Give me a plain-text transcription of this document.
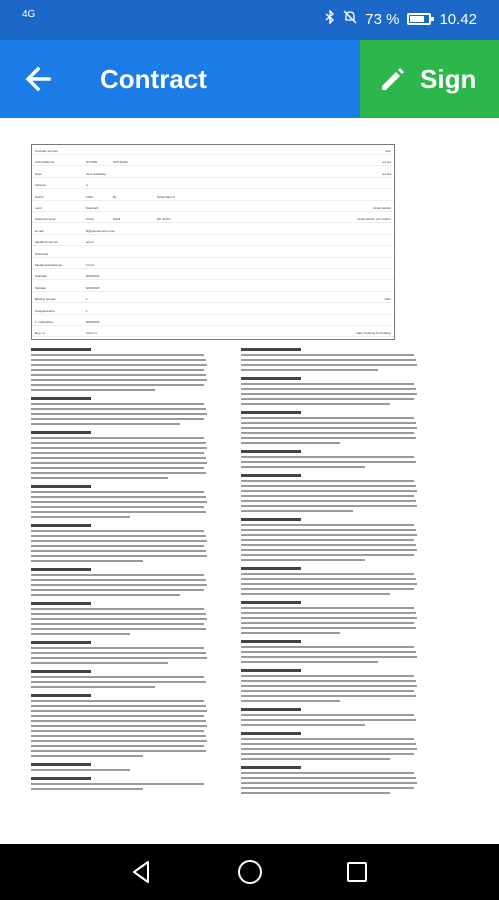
4G	73 %	10.42
Contract	Sign
Kontrakt nummer	Prio
Forhandlerinfo	NY/1881	OPS Buffer	am Ha
Navn	Jens Hellebæg	am Ha
Adresse	A
Postnr	1000	By	København K
Land	Danmark	Andet telefon
Telefonnummer	Privat	Mobil	DK 40710	Andet telefon prio 3,00 kr
E-mail	kl@sportvenston.com
Medlemsnummer	am14
Password
Medlemsskabsstype	Fri arr
Startdato	8/28/2018
Slutdato	8/28/2018
Binding periode	1	Dato
Opsigelsesfrist	1
1. indbetaling	8/28/2018
Reg. nr.	Konto nr.	Dato Ordering for betaling
